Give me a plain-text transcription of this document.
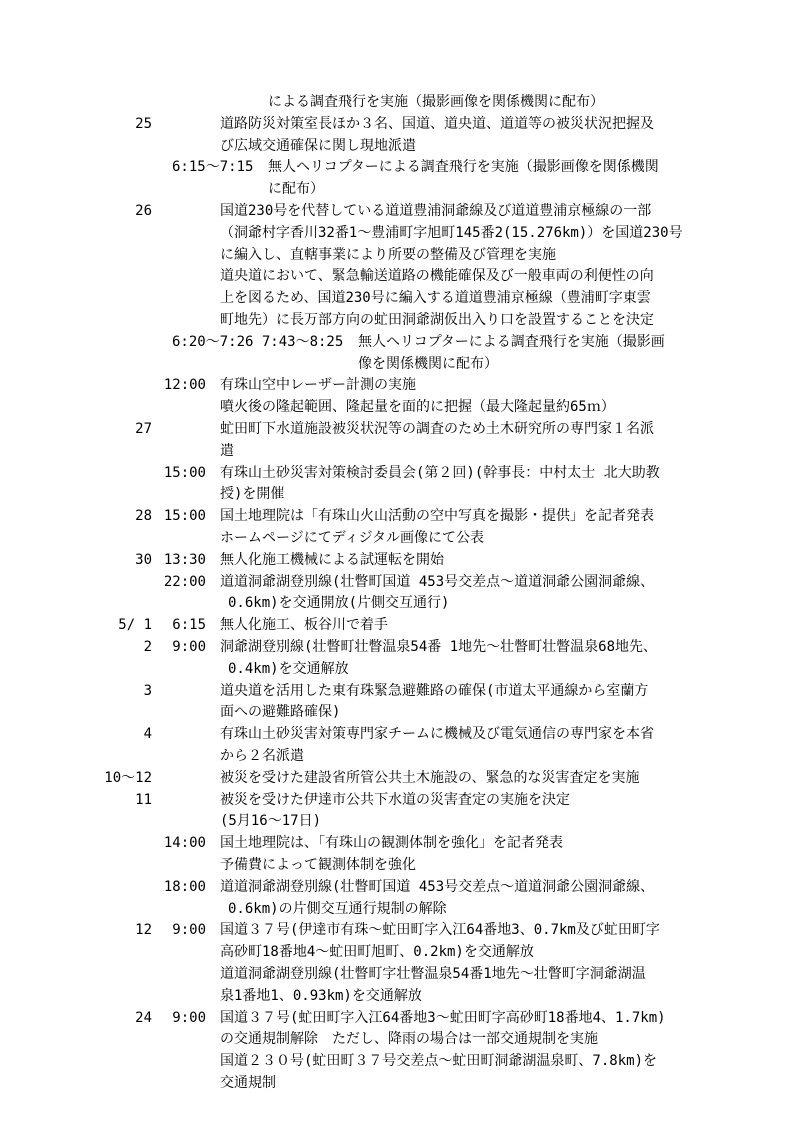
による調査飛行を実施（撮影画像を関係機関に配布）
25	道路防災対策室長ほか３名、国道、道央道、道道等の被災状況把握及
び広域交通確保に関し現地派遣
6:15～7:15 無人ヘリコプターによる調査飛行を実施（撮影画像を関係機関
に配布）
26	国道230号を代替している道道豊浦洞爺線及び道道豊浦京極線の一部
（洞爺村字香川32番1～豊浦町字旭町145番2(15.276km)）を国道230号
に編入し、直轄事業により所要の整備及び管理を実施
道央道において、緊急輸送道路の機能確保及び一般車両の利便性の向
上を図るため、国道230号に編入する道道豊浦京極線（豊浦町字東雲
町地先）に長万部方向の虻田洞爺湖仮出入り口を設置することを決定
6:20～7:26 7:43～8:25 無人ヘリコプターによる調査飛行を実施（撮影画
像を関係機関に配布）
12:00 有珠山空中レーザー計測の実施
噴火後の隆起範囲、隆起量を面的に把握（最大隆起量約65ｍ）
27	虻田町下水道施設被災状況等の調査のため土木研究所の専門家１名派
遣
15:00 有珠山土砂災害対策検討委員会(第２回)(幹事長：中村太士 北大助教
授)を開催
28 15:00 国土地理院は「有珠山火山活動の空中写真を撮影・提供」を記者発表
ホームページにてディジタル画像にて公表
30 13:30 無人化施工機械による試運転を開始
22:00 道道洞爺湖登別線(壮瞥町国道 453号交差点～道道洞爺公園洞爺線、
0.6km)を交通開放(片側交互通行)
5/ 1 6:15 無人化施工、板谷川で着手
2 9:00 洞爺湖登別線(壮瞥町壮瞥温泉54番 1地先～壮瞥町壮瞥温泉68地先、
0.4km)を交通解放
3	道央道を活用した東有珠緊急避難路の確保(市道太平通線から室蘭方
面への避難路確保)
4	有珠山土砂災害対策専門家チームに機械及び電気通信の専門家を本省
から２名派遣
10～12	被災を受けた建設省所管公共土木施設の、緊急的な災害査定を実施
11	被災を受けた伊達市公共下水道の災害査定の実施を決定
(5月16～17日)
14:00 国土地理院は、「有珠山の観測体制を強化」を記者発表
予備費によって観測体制を強化
18:00 道道洞爺湖登別線(壮瞥町国道 453号交差点～道道洞爺公園洞爺線、
0.6km)の片側交互通行規制の解除
12 9:00 国道３７号(伊達市有珠～虻田町字入江64番地3、0.7km及び虻田町字
高砂町18番地4～虻田町旭町、0.2km)を交通解放
道道洞爺湖登別線(壮瞥町字壮瞥温泉54番1地先～壮瞥町字洞爺湖温
泉1番地1、0.93km)を交通解放
24 9:00 国道３７号(虻田町字入江64番地3～虻田町字高砂町18番地4、1.7km)
の交通規制解除　ただし、降雨の場合は一部交通規制を実施
国道２３０号(虻田町３７号交差点～虻田町洞爺湖温泉町、7.8km)を
交通規制
